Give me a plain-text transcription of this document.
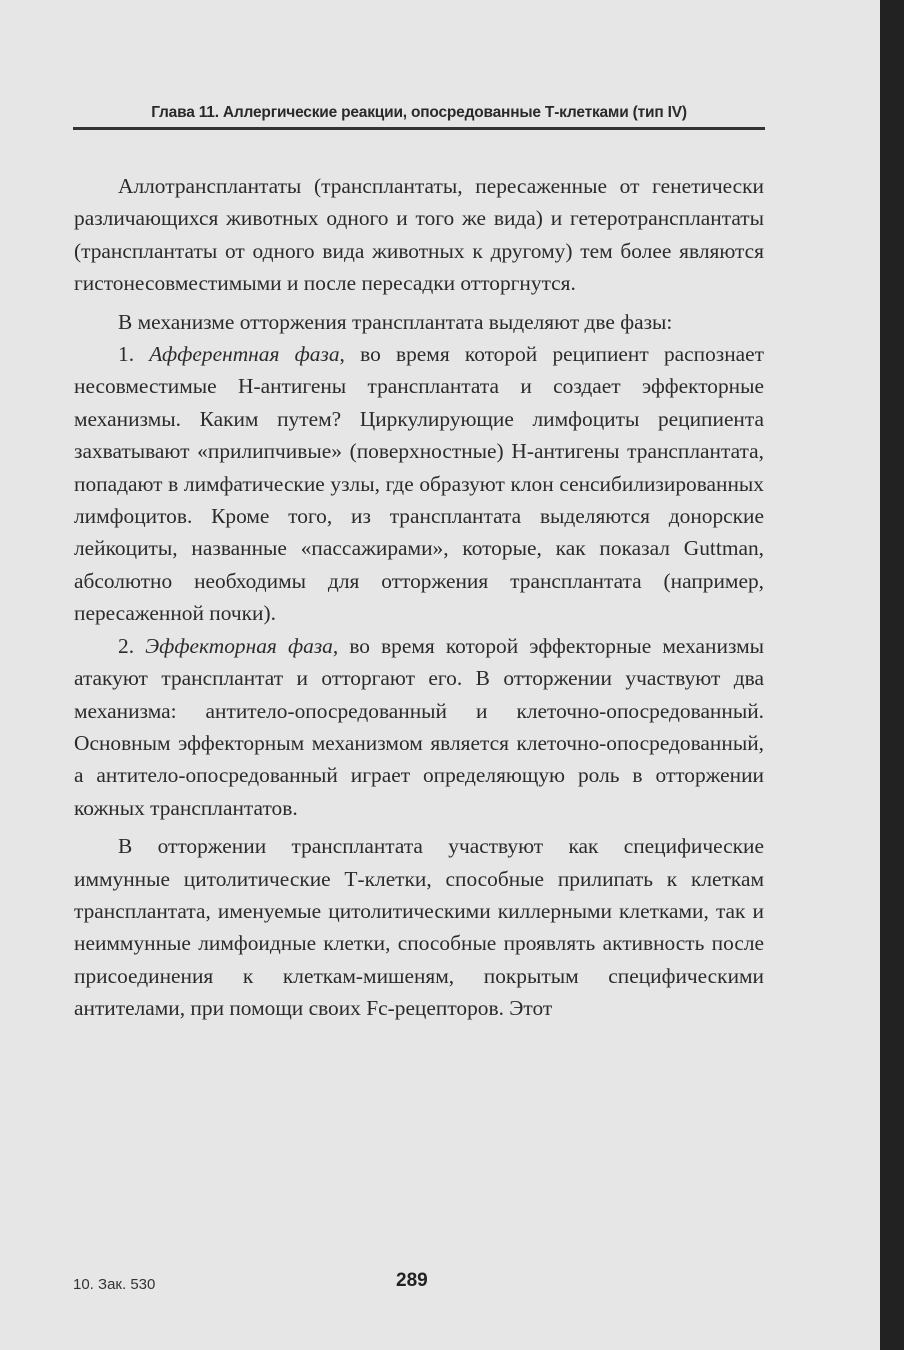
Глава 11. Аллергические реакции, опосредованные Т-клетками (тип IV)

Аллотрансплантаты (трансплантаты, пересаженные от генетически различающихся животных одного и того же вида) и гетеротрансплантаты (трансплантаты от одного вида животных к другому) тем более являются гистонесовместимыми и после пересадки отторгнутся.

В механизме отторжения трансплантата выделяют две фазы:

1. Афферентная фаза, во время которой реципиент распознает несовместимые Н-антигены трансплантата и создает эффекторные механизмы. Каким путем? Циркулирующие лимфоциты реципиента захватывают «прилипчивые» (поверхностные) Н-антигены трансплантата, попадают в лимфатические узлы, где образуют клон сенсибилизированных лимфоцитов. Кроме того, из трансплантата выделяются донорские лейкоциты, названные «пассажирами», которые, как показал Guttman, абсолютно необходимы для отторжения трансплантата (например, пересаженной почки).

2. Эффекторная фаза, во время которой эффекторные механизмы атакуют трансплантат и отторгают его. В отторжении участвуют два механизма: антитело-опосредованный и клеточно-опосредованный. Основным эффекторным механизмом является клеточно-опосредованный, а антитело-опосредованный играет определяющую роль в отторжении кожных трансплантатов.

В отторжении трансплантата участвуют как специфические иммунные цитолитические Т-клетки, способные прилипать к клеткам трансплантата, именуемые цитолитическими киллерными клетками, так и неиммунные лимфоидные клетки, способные проявлять активность после присоединения к клеткам-мишеням, покрытым специфическими антителами, при помощи своих Fc-рецепторов. Этот

10. Зак. 530	289
